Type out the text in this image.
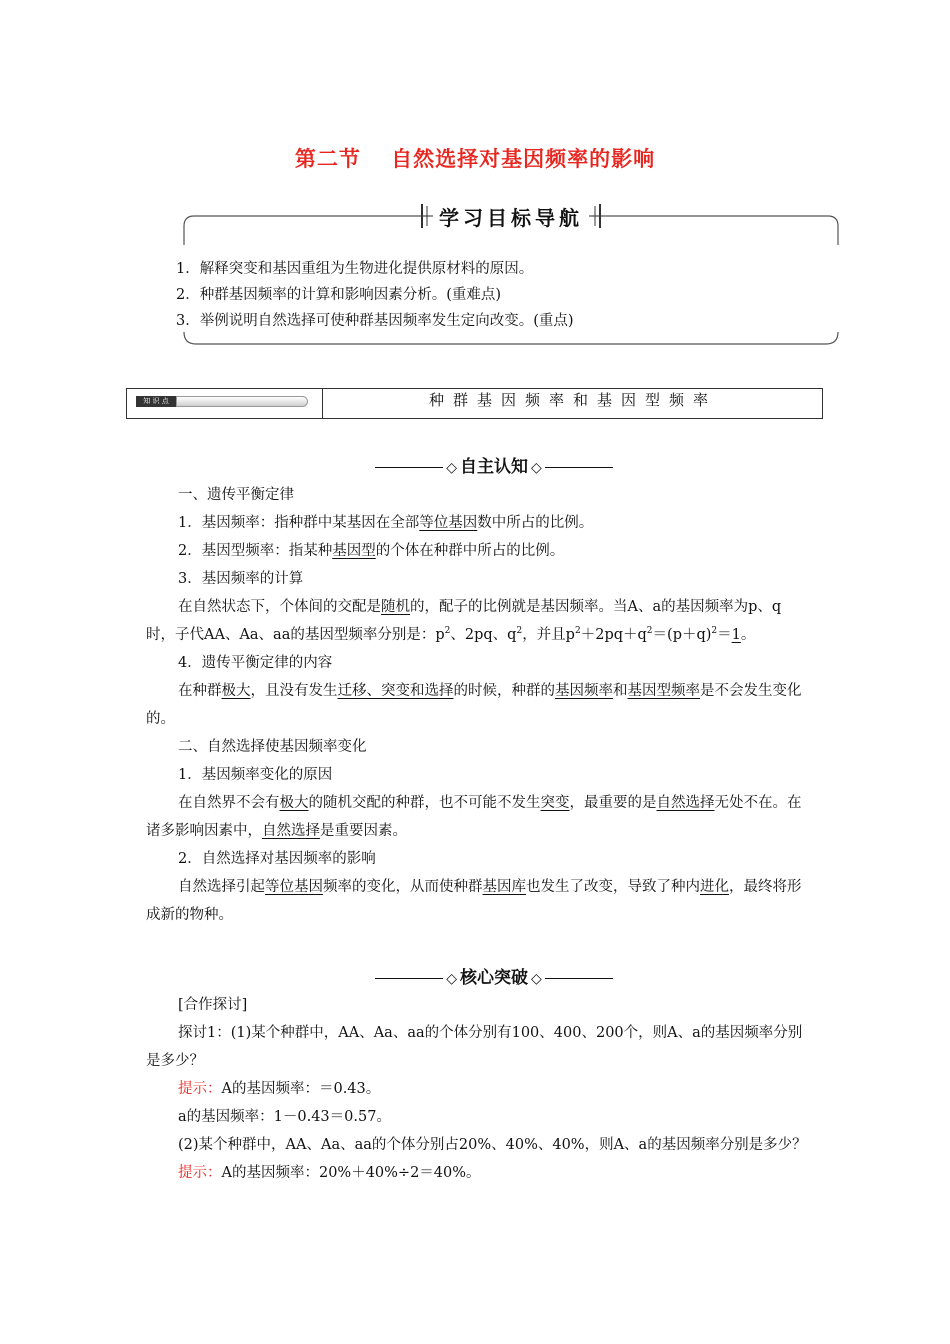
第二节　 自然选择对基因频率的影响
学习目标导航
1．解释突变和基因重组为生物进化提供原材料的原因。
2．种群基因频率的计算和影响因素分析。(重难点)
3．举例说明自然选择可使种群基因频率发生定向改变。(重点)
知 识 点	种群基因频率和基因型频率
◇ 自主认知 ◇

一、遗传平衡定律

1．基因频率：指种群中某基因在全部等位基因数中所占的比例。

2．基因型频率：指某种基因型的个体在种群中所占的比例。

3．基因频率的计算

在自然状态下，个体间的交配是随机的，配子的比例就是基因频率。当A、a的基因频率为p、q时，子代AA、Aa、aa的基因型频率分别是：$p^2$、2pq、$q^2$，并且$p^2+2pq+q^2=(p+q)^2=1$。

4．遗传平衡定律的内容

在种群极大，且没有发生迁移、突变和选择的时候，种群的基因频率和基因型频率是不会发生变化的。

二、自然选择使基因频率变化

1．基因频率变化的原因

在自然界不会有极大的随机交配的种群，也不可能不发生突变，最重要的是自然选择无处不在。在诸多影响因素中，自然选择是重要因素。

2．自然选择对基因频率的影响

自然选择引起等位基因频率的变化，从而使种群基因库也发生了改变，导致了种内进化，最终将形成新的物种。

◇ 核心突破 ◇

[合作探讨]

探讨1：(1)某个种群中，AA、Aa、aa的个体分别有100、400、200个，则A、a的基因频率分别是多少？

提示：A的基因频率：＝0.43。

a的基因频率：1－0.43＝0.57。

(2)某个种群中，AA、Aa、aa的个体分别占20%、40%、40%，则A、a的基因频率分别是多少？

提示：A的基因频率：20%＋40%÷2＝40%。
